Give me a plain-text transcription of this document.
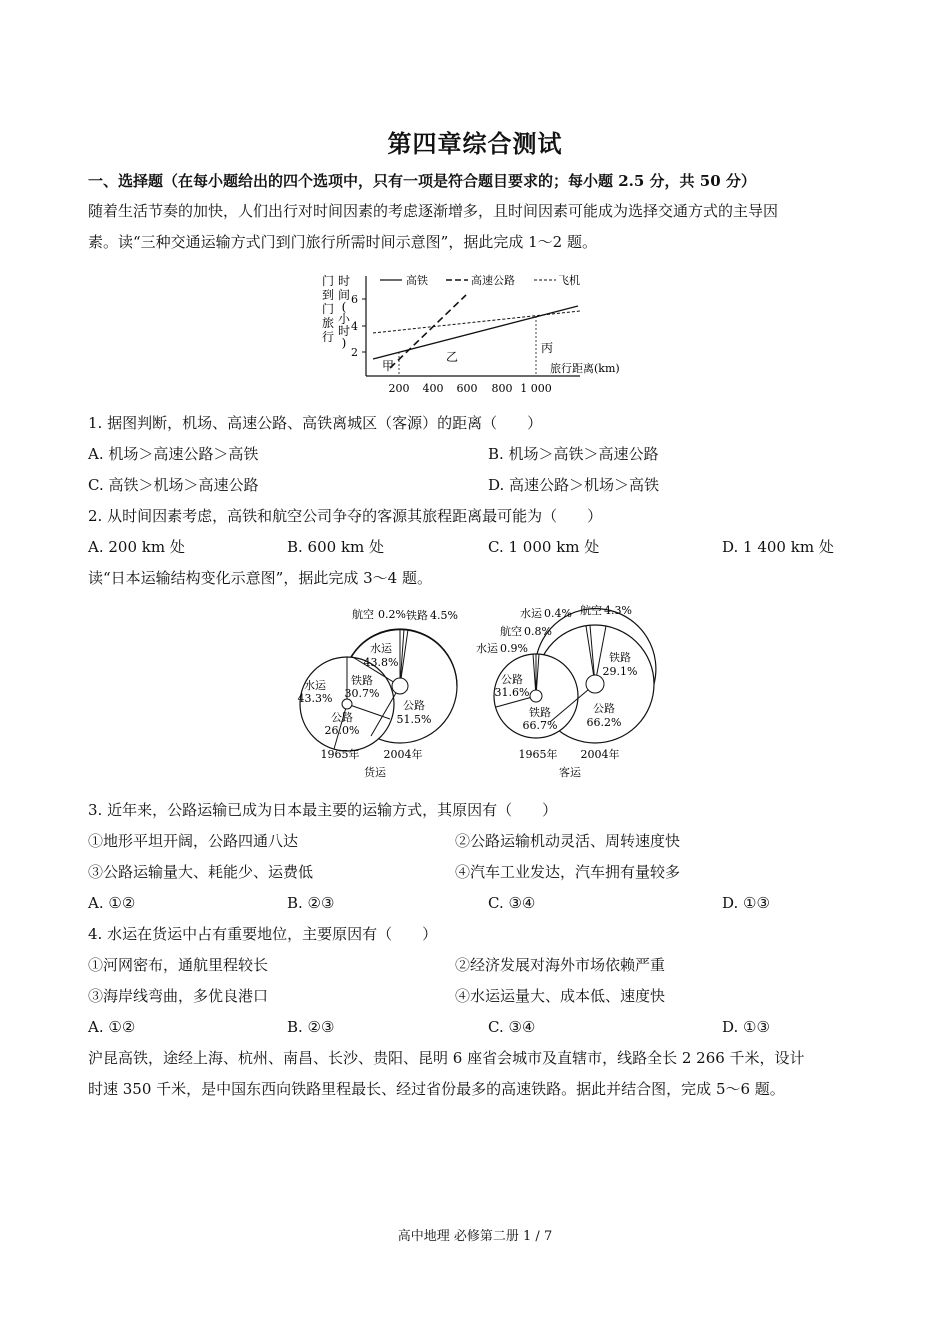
第四章综合测试
一、选择题（在每小题给出的四个选项中，只有一项是符合题目要求的；每小题 2.5 分，共 50 分）
随着生活节奏的加快，人们出行对时间因素的考虑逐渐增多，且时间因素可能成为选择交通方式的主导因
素。读“三种交通运输方式门到门旅行所需时间示意图”，据此完成 1～2 题。
门
到
门
旅
行
时
间
(
小
时
)
2
4
6
200 400 600 800 1 000
甲
乙
丙
旅行距离(km)
高铁	高速公路	飞机
1. 据图判断，机场、高速公路、高铁离城区（客源）的距离（　　）
A. 机场＞高速公路＞高铁	B. 机场＞高铁＞高速公路
C. 高铁＞机场＞高速公路	D. 高速公路＞机场＞高铁
2. 从时间因素考虑，高铁和航空公司争夺的客源其旅程距离最可能为（　　）
A. 200 km 处	B. 600 km 处	C. 1 000 km 处	D. 1 400 km 处
读“日本运输结构变化示意图”，据此完成 3～4 题。
航空 0.2% 铁路 4.5%
水运
43.8%
公路
51.5%
水运
43.3%
铁路
30.7%
公路
26.0%
1965年 2004年
货运
水运 0.4% 航空 4.3%
铁路
29.1%
公路
66.2%
水运 0.9%
航空 0.8%
公路
31.6%
铁路
66.7%
1965年 2004年
客运
3. 近年来，公路运输已成为日本最主要的运输方式，其原因有（　　）
①地形平坦开阔，公路四通八达	②公路运输机动灵活、周转速度快
③公路运输量大、耗能少、运费低	④汽车工业发达，汽车拥有量较多
A. ①②	B. ②③	C. ③④	D. ①③
4. 水运在货运中占有重要地位，主要原因有（　　）
①河网密布，通航里程较长	②经济发展对海外市场依赖严重
③海岸线弯曲，多优良港口	④水运运量大、成本低、速度快
A. ①②	B. ②③	C. ③④	D. ①③
沪昆高铁，途经上海、杭州、南昌、长沙、贵阳、昆明 6 座省会城市及直辖市，线路全长 2 266 千米，设计
时速 350 千米，是中国东西向铁路里程最长、经过省份最多的高速铁路。据此并结合图，完成 5～6 题。
高中地理 必修第二册 1 / 7
